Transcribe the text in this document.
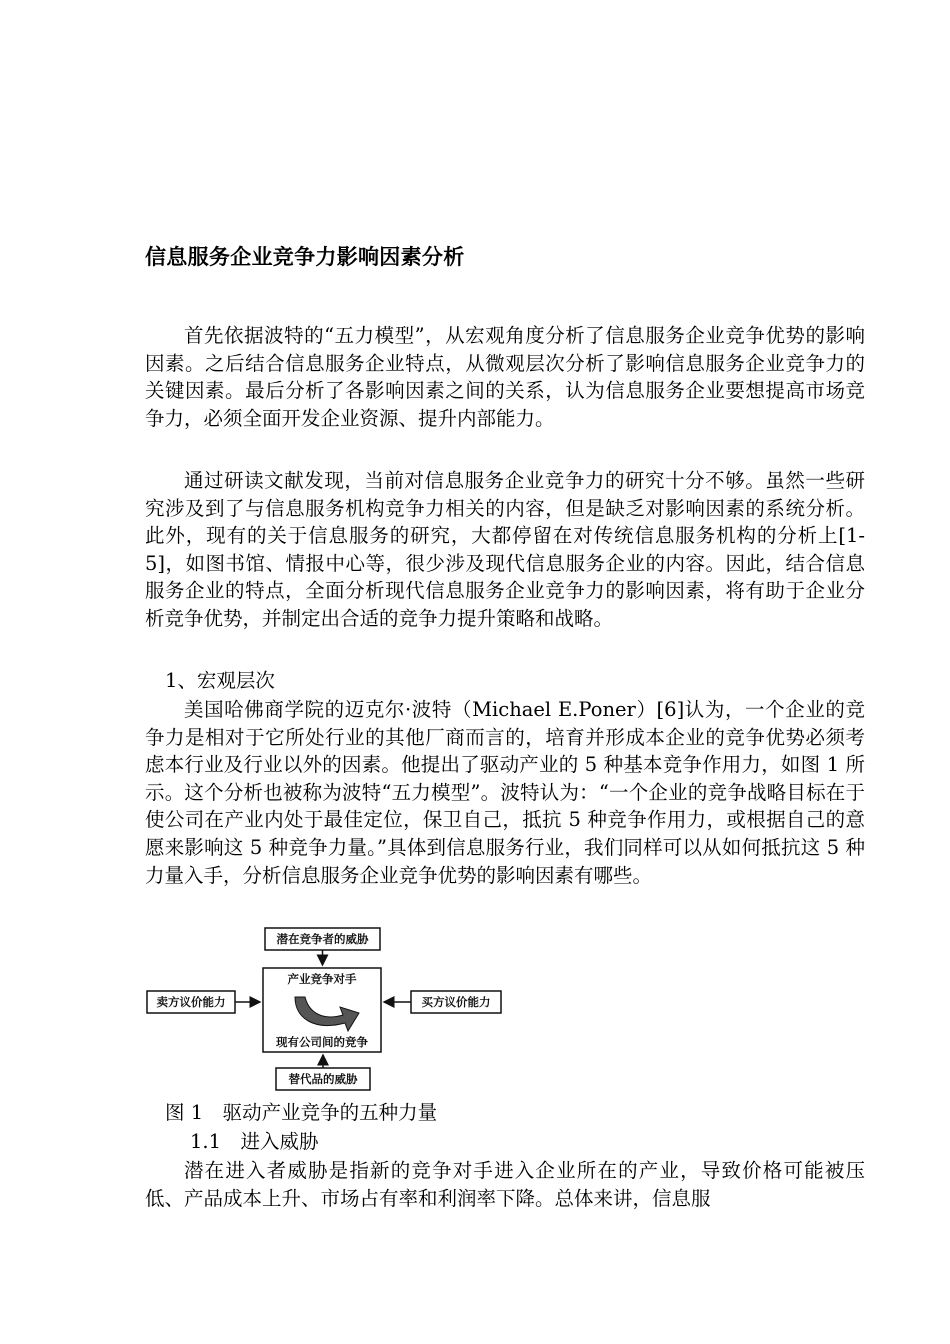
信息服务企业竞争力影响因素分析

首先依据波特的“五力模型”，从宏观角度分析了信息服务企业竞争优势的影响因素。之后结合信息服务企业特点，从微观层次分析了影响信息服务企业竞争力的关键因素。最后分析了各影响因素之间的关系，认为信息服务企业要想提高市场竞争力，必须全面开发企业资源、提升内部能力。

通过研读文献发现，当前对信息服务企业竞争力的研究十分不够。虽然一些研究涉及到了与信息服务机构竞争力相关的内容，但是缺乏对影响因素的系统分析。此外，现有的关于信息服务的研究，大都停留在对传统信息服务机构的分析上[1-5]，如图书馆、情报中心等，很少涉及现代信息服务企业的内容。因此，结合信息服务企业的特点，全面分析现代信息服务企业竞争力的影响因素，将有助于企业分析竞争优势，并制定出合适的竞争力提升策略和战略。

1、宏观层次

美国哈佛商学院的迈克尔·波特（Michael E.Poner）[6]认为，一个企业的竞争力是相对于它所处行业的其他厂商而言的，培育并形成本企业的竞争优势必须考虑本行业及行业以外的因素。他提出了驱动产业的 5 种基本竞争作用力，如图 1 所示。这个分析也被称为波特“五力模型”。波特认为：“一个企业的竞争战略目标在于使公司在产业内处于最佳定位，保卫自己，抵抗 5 种竞争作用力，或根据自己的意愿来影响这 5 种竞争力量。”具体到信息服务行业，我们同样可以从如何抵抗这 5 种力量入手，分析信息服务企业竞争优势的影响因素有哪些。

潜在竞争者的威胁
产业竞争对手
现有公司间的竞争
卖方议价能力	买方议价能力
替代品的威胁

图 1　驱动产业竞争的五种力量

1.1　进入威胁

潜在进入者威胁是指新的竞争对手进入企业所在的产业，导致价格可能被压低、产品成本上升、市场占有率和利润率下降。总体来讲，信息服
